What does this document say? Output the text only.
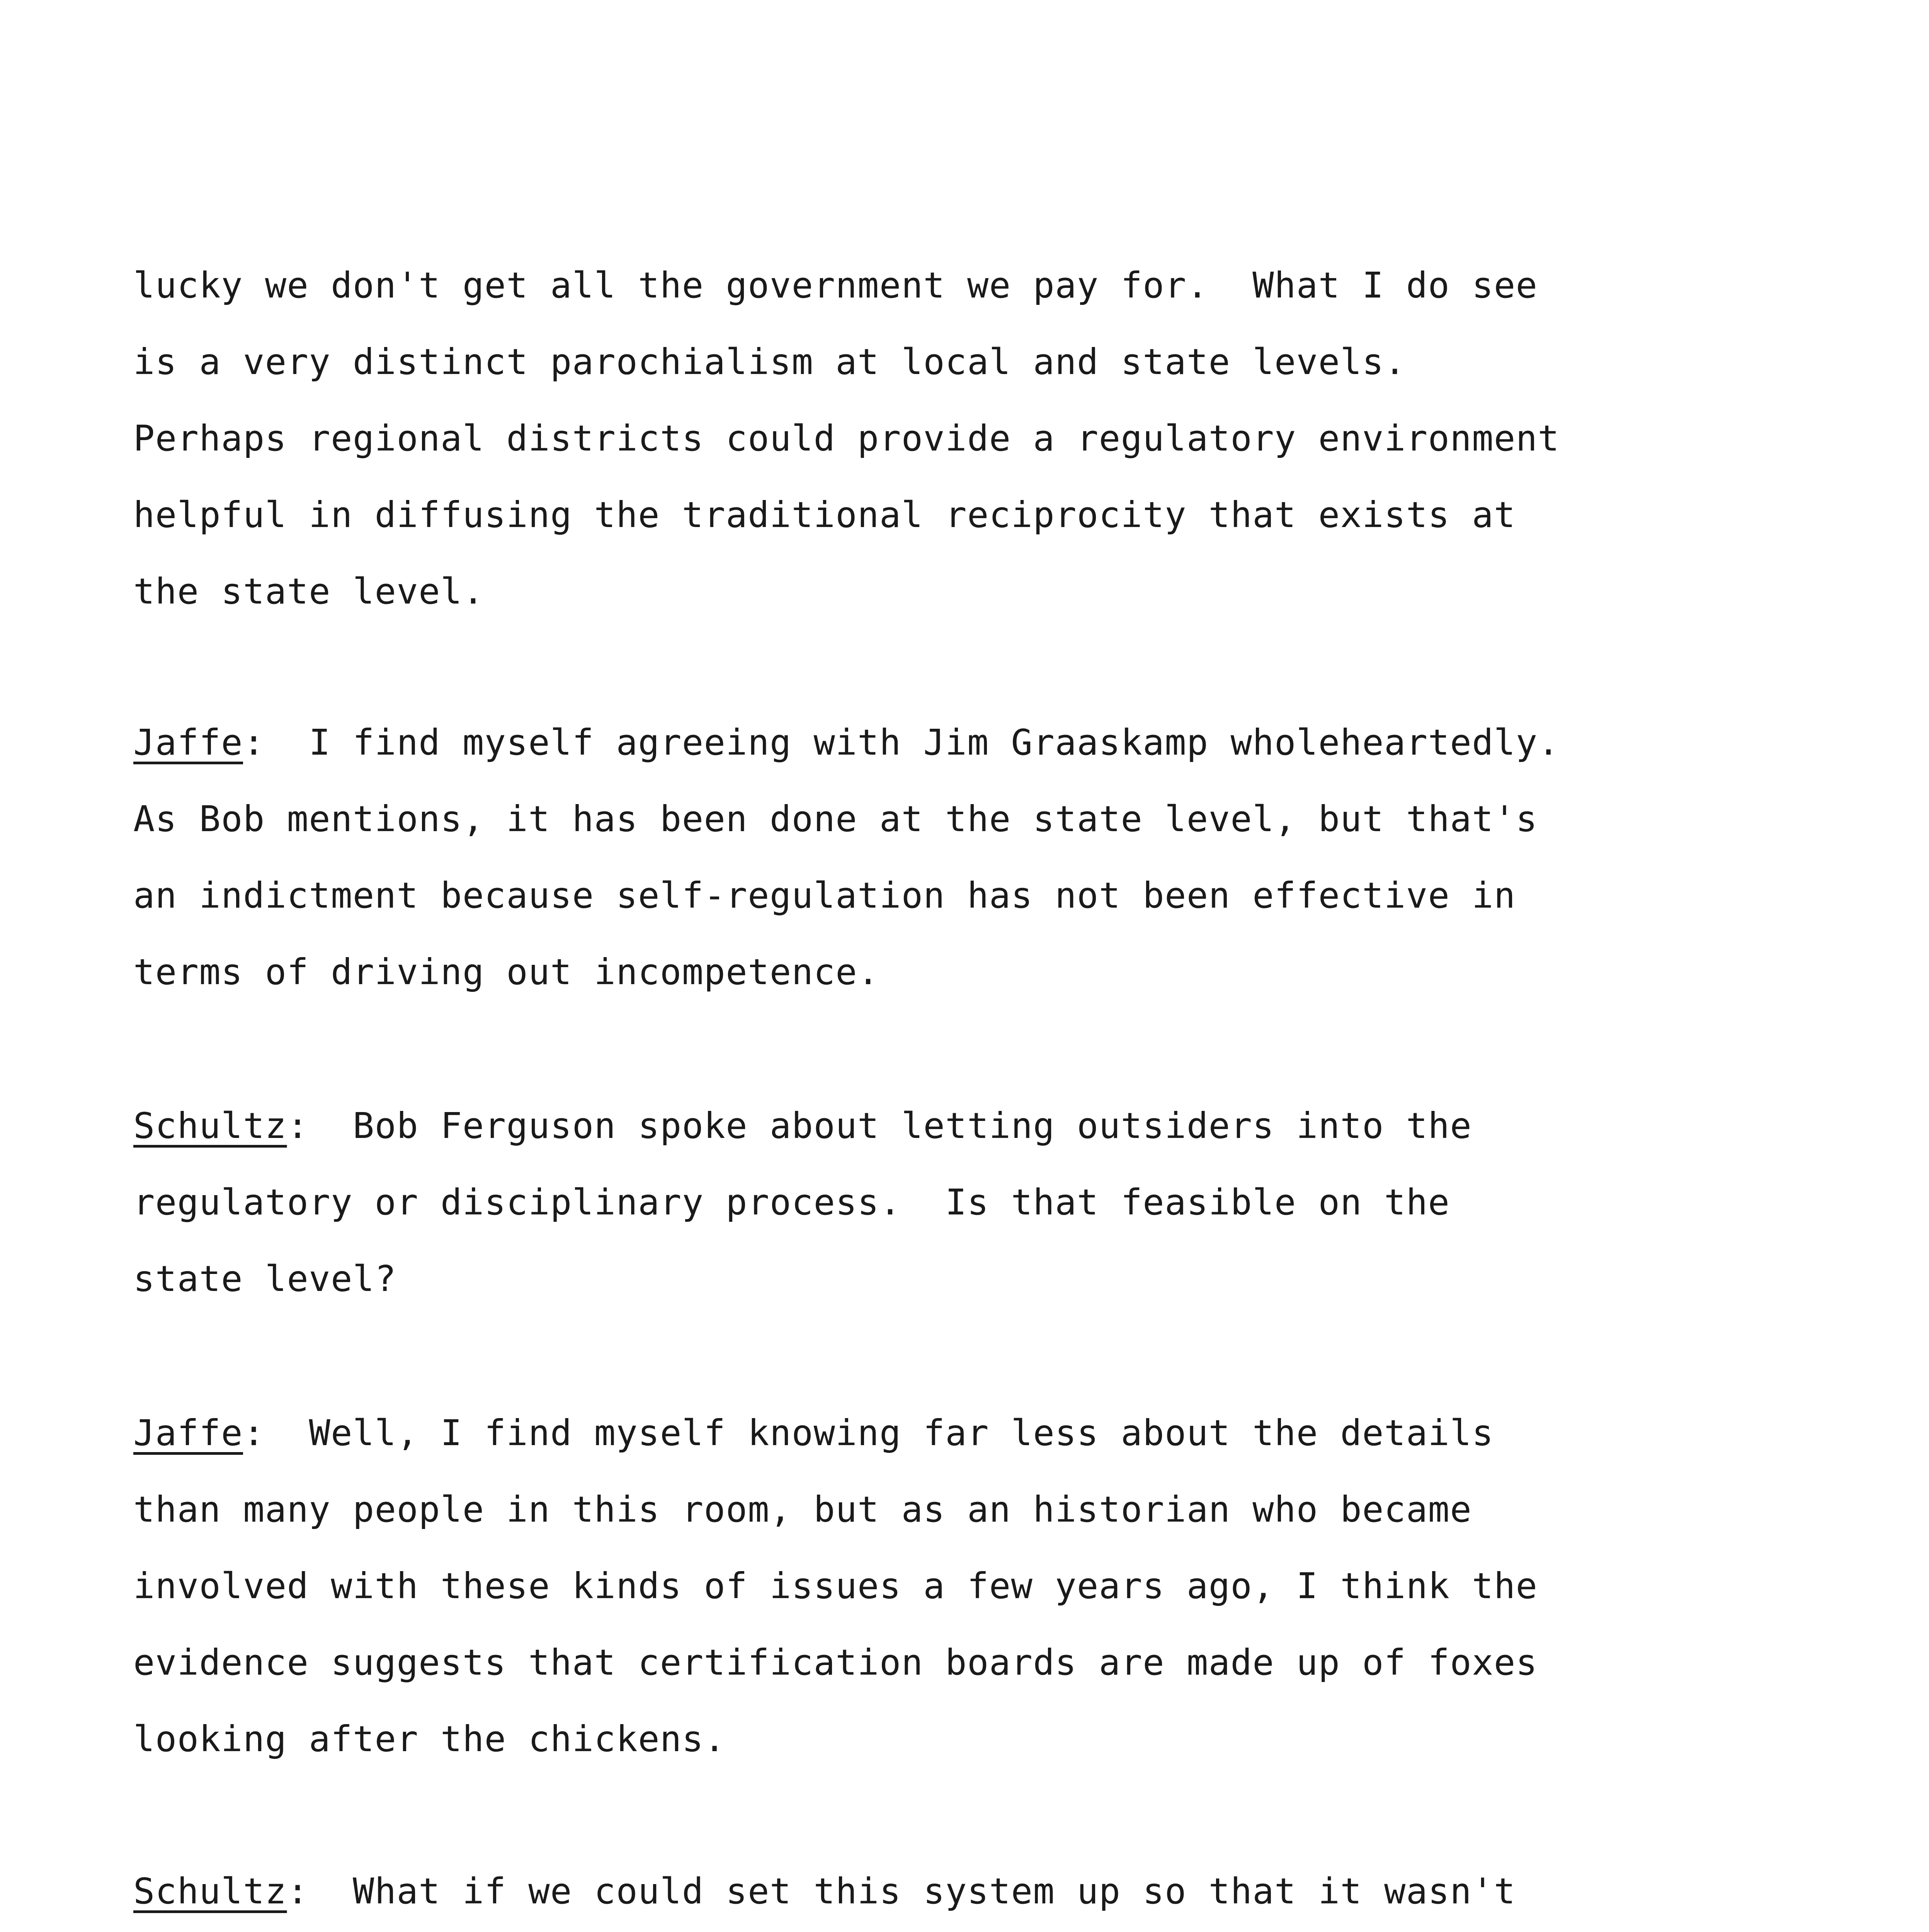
lucky we don't get all the government we pay for.  What I do see
is a very distinct parochialism at local and state levels.
Perhaps regional districts could provide a regulatory environment
helpful in diffusing the traditional reciprocity that exists at
the state level.
Jaffe:  I find myself agreeing with Jim Graaskamp wholeheartedly.
As Bob mentions, it has been done at the state level, but that's
an indictment because self-regulation has not been effective in
terms of driving out incompetence.
Schultz:  Bob Ferguson spoke about letting outsiders into the
regulatory or disciplinary process.  Is that feasible on the
state level?
Jaffe:  Well, I find myself knowing far less about the details
than many people in this room, but as an historian who became
involved with these kinds of issues a few years ago, I think the
evidence suggests that certification boards are made up of foxes
looking after the chickens.
Schultz:  What if we could set this system up so that it wasn't
